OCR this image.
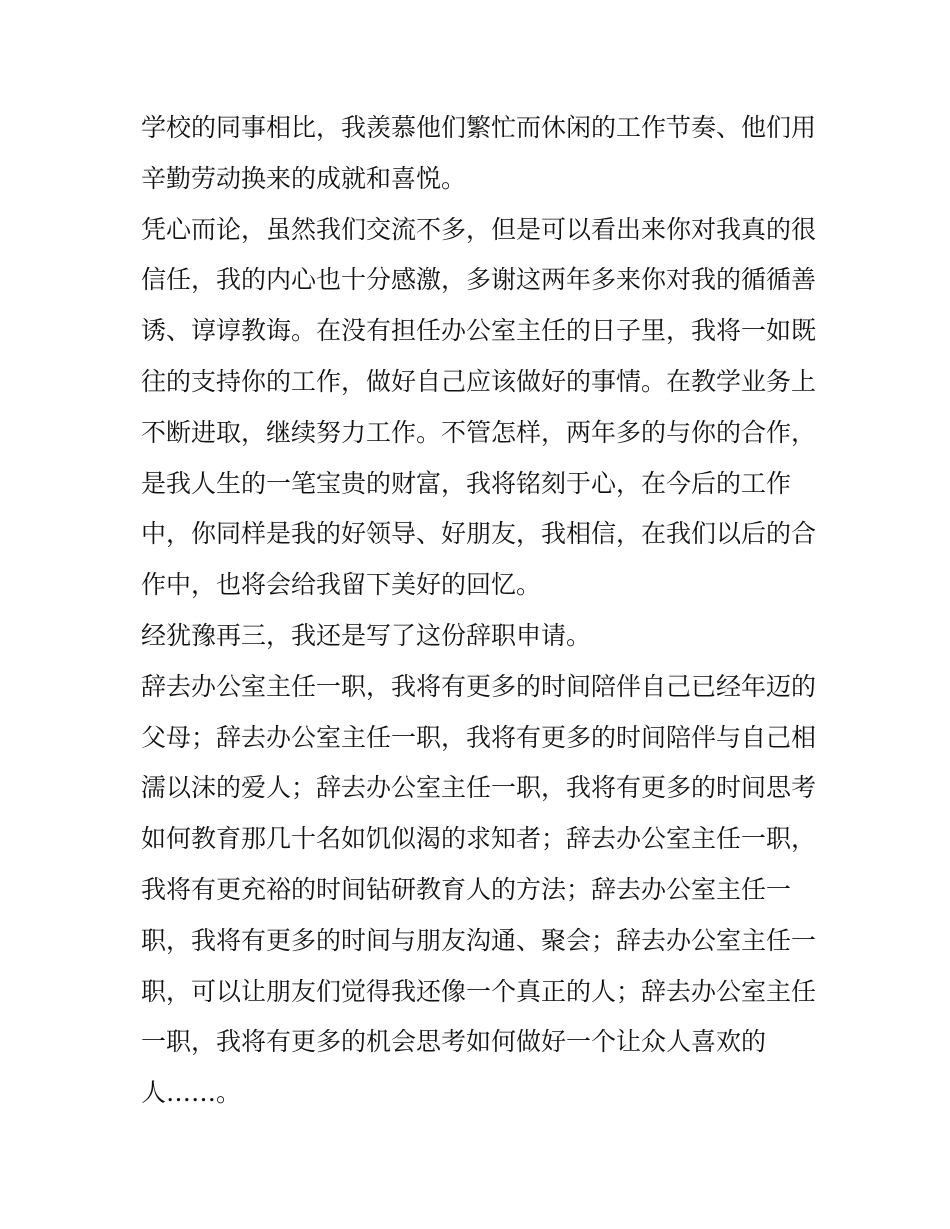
学校的同事相比，我羡慕他们繁忙而休闲的工作节奏、他们用
辛勤劳动换来的成就和喜悦。
凭心而论，虽然我们交流不多，但是可以看出来你对我真的很
信任，我的内心也十分感激，多谢这两年多来你对我的循循善
诱、谆谆教诲。在没有担任办公室主任的日子里，我将一如既
往的支持你的工作，做好自己应该做好的事情。在教学业务上
不断进取，继续努力工作。不管怎样，两年多的与你的合作，
是我人生的一笔宝贵的财富，我将铭刻于心，在今后的工作
中，你同样是我的好领导、好朋友，我相信，在我们以后的合
作中，也将会给我留下美好的回忆。
经犹豫再三，我还是写了这份辞职申请。
辞去办公室主任一职，我将有更多的时间陪伴自己已经年迈的
父母；辞去办公室主任一职，我将有更多的时间陪伴与自己相
濡以沫的爱人；辞去办公室主任一职，我将有更多的时间思考
如何教育那几十名如饥似渴的求知者；辞去办公室主任一职，
我将有更充裕的时间钻研教育人的方法；辞去办公室主任一
职，我将有更多的时间与朋友沟通、聚会；辞去办公室主任一
职，可以让朋友们觉得我还像一个真正的人；辞去办公室主任
一职，我将有更多的机会思考如何做好一个让众人喜欢的
人……。
